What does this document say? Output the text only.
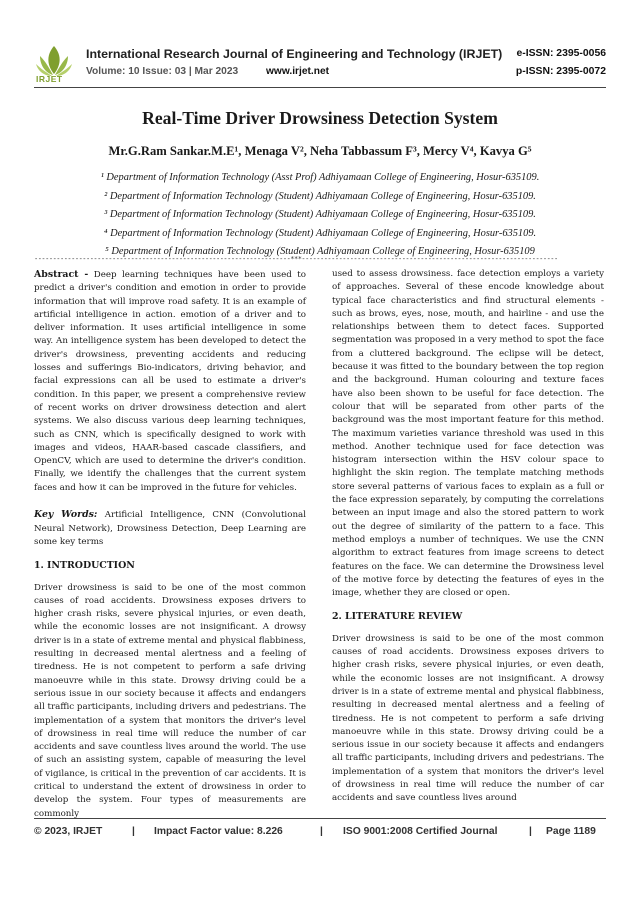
IRJET
International Research Journal of Engineering and Technology (IRJET)
Volume: 10 Issue: 03 | Mar 2023	www.irjet.net
e-ISSN: 2395-0056
p-ISSN: 2395-0072
Real-Time Driver Drowsiness Detection System
Mr.G.Ram Sankar.M.E¹, Menaga V², Neha Tabbassum F³, Mercy V⁴, Kavya G⁵
¹ Department of Information Technology (Asst Prof) Adhiyamaan College of Engineering, Hosur-635109.
² Department of Information Technology (Student) Adhiyamaan College of Engineering, Hosur-635109.
³ Department of Information Technology (Student) Adhiyamaan College of Engineering, Hosur-635109.
⁴ Department of Information Technology (Student) Adhiyamaan College of Engineering, Hosur-635109.
⁵ Department of Information Technology (Student) Adhiyamaan College of Engineering, Hosur-635109
---------------------------------------------------------------------***---------------------------------------------------------------------

Abstract - Deep learning techniques have been used to predict a driver's condition and emotion in order to provide information that will improve road safety. It is an example of artificial intelligence in action. emotion of a driver and to deliver information. It uses artificial intelligence in some way. An intelligence system has been developed to detect the driver's drowsiness, preventing accidents and reducing losses and sufferings Bio-indicators, driving behavior, and facial expressions can all be used to estimate a driver's condition. In this paper, we present a comprehensive review of recent works on driver drowsiness detection and alert systems. We also discuss various deep learning techniques, such as CNN, which is specifically designed to work with images and videos, HAAR-based cascade classifiers, and OpenCV, which are used to determine the driver's condition. Finally, we identify the challenges that the current system faces and how it can be improved in the future for vehicles.

Key Words: Artificial Intelligence, CNN (Convolutional Neural Network), Drowsiness Detection, Deep Learning are some key terms

1. INTRODUCTION

Driver drowsiness is said to be one of the most common causes of road accidents. Drowsiness exposes drivers to higher crash risks, severe physical injuries, or even death, while the economic losses are not insignificant. A drowsy driver is in a state of extreme mental and physical flabbiness, resulting in decreased mental alertness and a feeling of tiredness. He is not competent to perform a safe driving manoeuvre while in this state. Drowsy driving could be a serious issue in our society because it affects and endangers all traffic participants, including drivers and pedestrians. The implementation of a system that monitors the driver's level of drowsiness in real time will reduce the number of car accidents and save countless lives around the world. The use of such an assisting system, capable of measuring the level of vigilance, is critical in the prevention of car accidents. It is critical to understand the extent of drowsiness in order to develop the system. Four types of measurements are commonly

used to assess drowsiness. face detection employs a variety of approaches. Several of these encode knowledge about typical face characteristics and find structural elements - such as brows, eyes, nose, mouth, and hairline - and use the relationships between them to detect faces. Supported segmentation was proposed in a very method to spot the face from a cluttered background. The eclipse will be detect, because it was fitted to the boundary between the top region and the background. Human colouring and texture faces have also been shown to be useful for face detection. The colour that will be separated from other parts of the background was the most important feature for this method. The maximum varieties variance threshold was used in this method. Another technique used for face detection was histogram intersection within the HSV colour space to highlight the skin region. The template matching methods store several patterns of various faces to explain as a full or the face expression separately, by computing the correlations between an input image and also the stored pattern to work out the degree of similarity of the pattern to a face. This method employs a number of techniques. We use the CNN algorithm to extract features from image screens to detect features on the face. We can determine the Drowsiness level of the motive force by detecting the features of eyes in the image, whether they are closed or open.

2. LITERATURE REVIEW

Driver drowsiness is said to be one of the most common causes of road accidents. Drowsiness exposes drivers to higher crash risks, severe physical injuries, or even death, while the economic losses are not insignificant. A drowsy driver is in a state of extreme mental and physical flabbiness, resulting in decreased mental alertness and a feeling of tiredness. He is not competent to perform a safe driving manoeuvre while in this state. Drowsy driving could be a serious issue in our society because it affects and endangers all traffic participants, including drivers and pedestrians. The implementation of a system that monitors the driver's level of drowsiness in real time will reduce the number of car accidents and save countless lives around

© 2023, IRJET	| Impact Factor value: 8.226	| ISO 9001:2008 Certified Journal	| Page 1189
